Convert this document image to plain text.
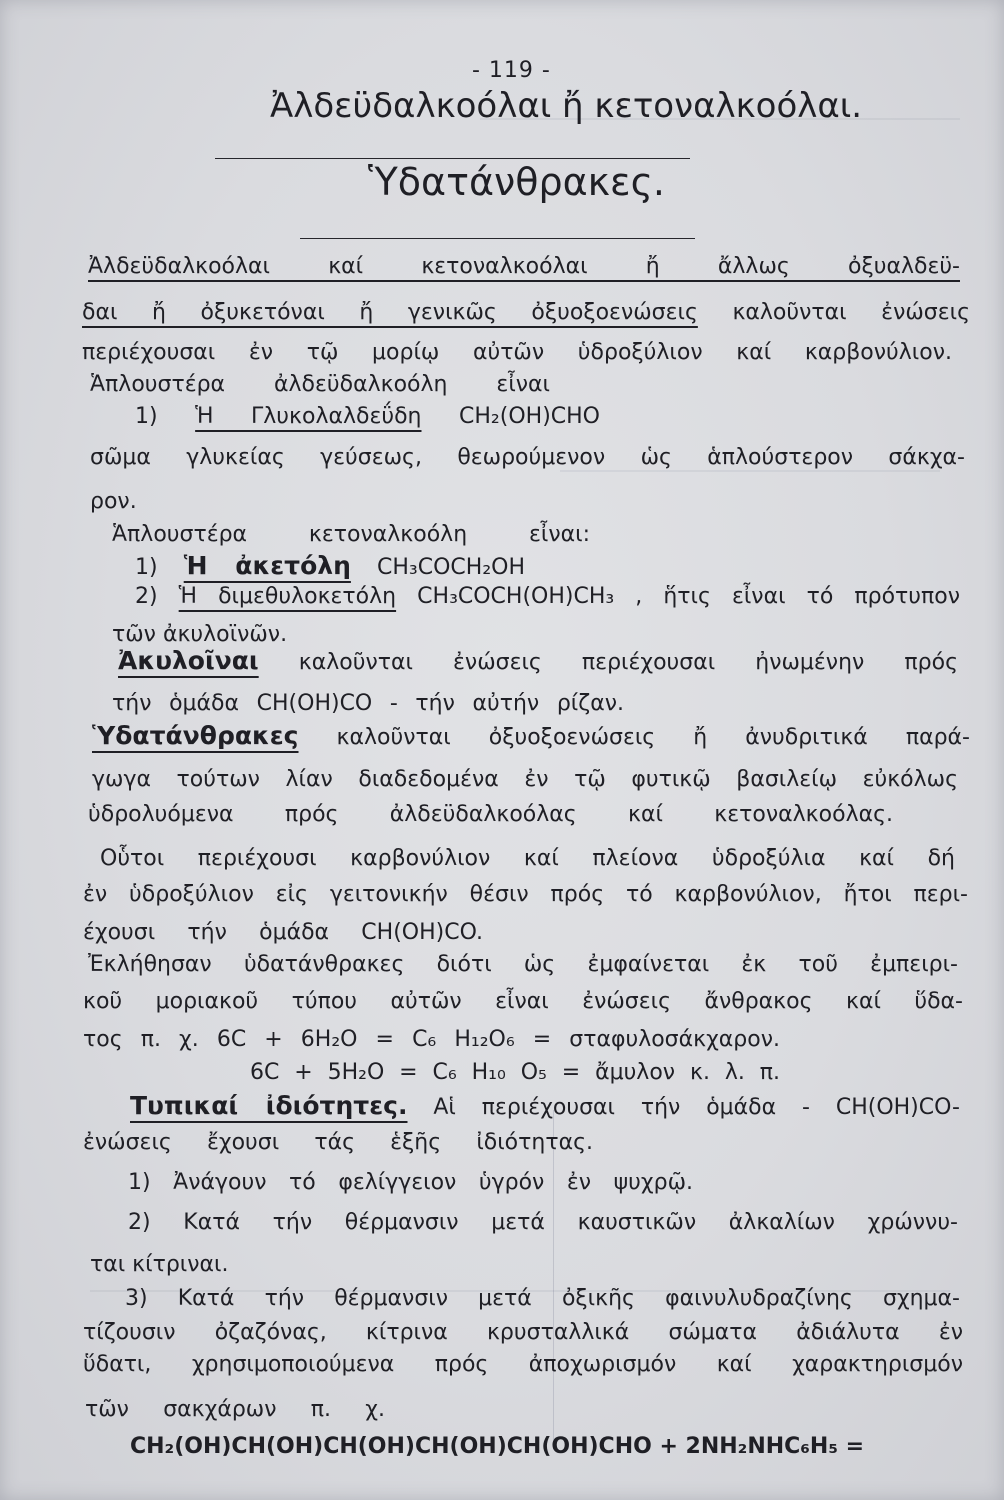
- 119 -
Ἀλδεϋδαλκοόλαι ἤ κετοναλκοόλαι.
Ὑδατάνθρακες.
Ἀλδεϋδαλκοόλαι καί κετοναλκοόλαι ἤ ἄλλως ὀξυαλδεϋ-
δαι ἤ ὀξυκετόναι ἤ γενικῶς ὀξυοξοενώσεις καλοῦνται ἐνώσεις
περιέχουσαι ἐν τῷ μορίῳ αὐτῶν ὑδροξύλιον καί καρβονύλιον.
Ἁπλουστέρα ἀλδεϋδαλκοόλη εἶναι
1) Ἡ Γλυκολαλδεΰδη CH₂(OH)CHO
σῶμα γλυκείας γεύσεως, θεωρούμενον ὡς ἁπλούστερον σάκχα-
ρον.
Ἁπλουστέρα κετοναλκοόλη εἶναι:
1) Ἡ ἀκετόλη CH₃COCH₂OH
2) Ἡ διμεθυλοκετόλη CH₃COCH(OH)CH₃ , ἥτις εἶναι τό πρότυπον
τῶν ἀκυλοϊνῶν.
Ἀκυλοῖναι καλοῦνται ἐνώσεις περιέχουσαι ἠνωμένην πρός
τήν ὁμάδα CH(OH)CO - τήν αὐτήν ρίζαν.
Ὑδατάνθρακες καλοῦνται ὀξυοξοενώσεις ἤ ἀνυδριτικά παρά-
γωγα τούτων λίαν διαδεδομένα ἐν τῷ φυτικῷ βασιλείῳ εὐκόλως
ὑδρολυόμενα πρός ἀλδεϋδαλκοόλας καί κετοναλκοόλας.
Οὗτοι περιέχουσι καρβονύλιον καί πλείονα ὑδροξύλια καί δή
ἐν ὑδροξύλιον εἰς γειτονικήν θέσιν πρός τό καρβονύλιον, ἤτοι περι-
έχουσι τήν ὁμάδα CH(OH)CO.
Ἐκλήθησαν ὑδατάνθρακες διότι ὡς ἐμφαίνεται ἐκ τοῦ ἐμπειρι-
κοῦ μοριακοῦ τύπου αὐτῶν εἶναι ἐνώσεις ἄνθρακος καί ὕδα-
τος π. χ. 6C + 6H₂O = C₆ H₁₂O₆ = σταφυλοσάκχαρον.
6C + 5H₂O = C₆ H₁₀ O₅ = ἄμυλον κ. λ. π.
Τυπικαί ἰδιότητες. Αἱ περιέχουσαι τήν ὁμάδα - CH(OH)CO-
ἐνώσεις ἔχουσι τάς ἑξῆς ἰδιότητας.
1) Ἀνάγουν τό φελίγγειον ὑγρόν ἐν ψυχρῷ.
2) Κατά τήν θέρμανσιν μετά καυστικῶν ἀλκαλίων χρώννυ-
ται κίτριναι.
3) Κατά τήν θέρμανσιν μετά ὀξικῆς φαινυλυδραζίνης σχημα-
τίζουσιν ὀζαζόνας, κίτρινα κρυσταλλικά σώματα ἀδιάλυτα ἐν
ὕδατι, χρησιμοποιούμενα πρός ἀποχωρισμόν καί χαρακτηρισμόν
τῶν σακχάρων π. χ.
CH₂(OH)CH(OH)CH(OH)CH(OH)CH(OH)CHO + 2NH₂NHC₆H₅ =
